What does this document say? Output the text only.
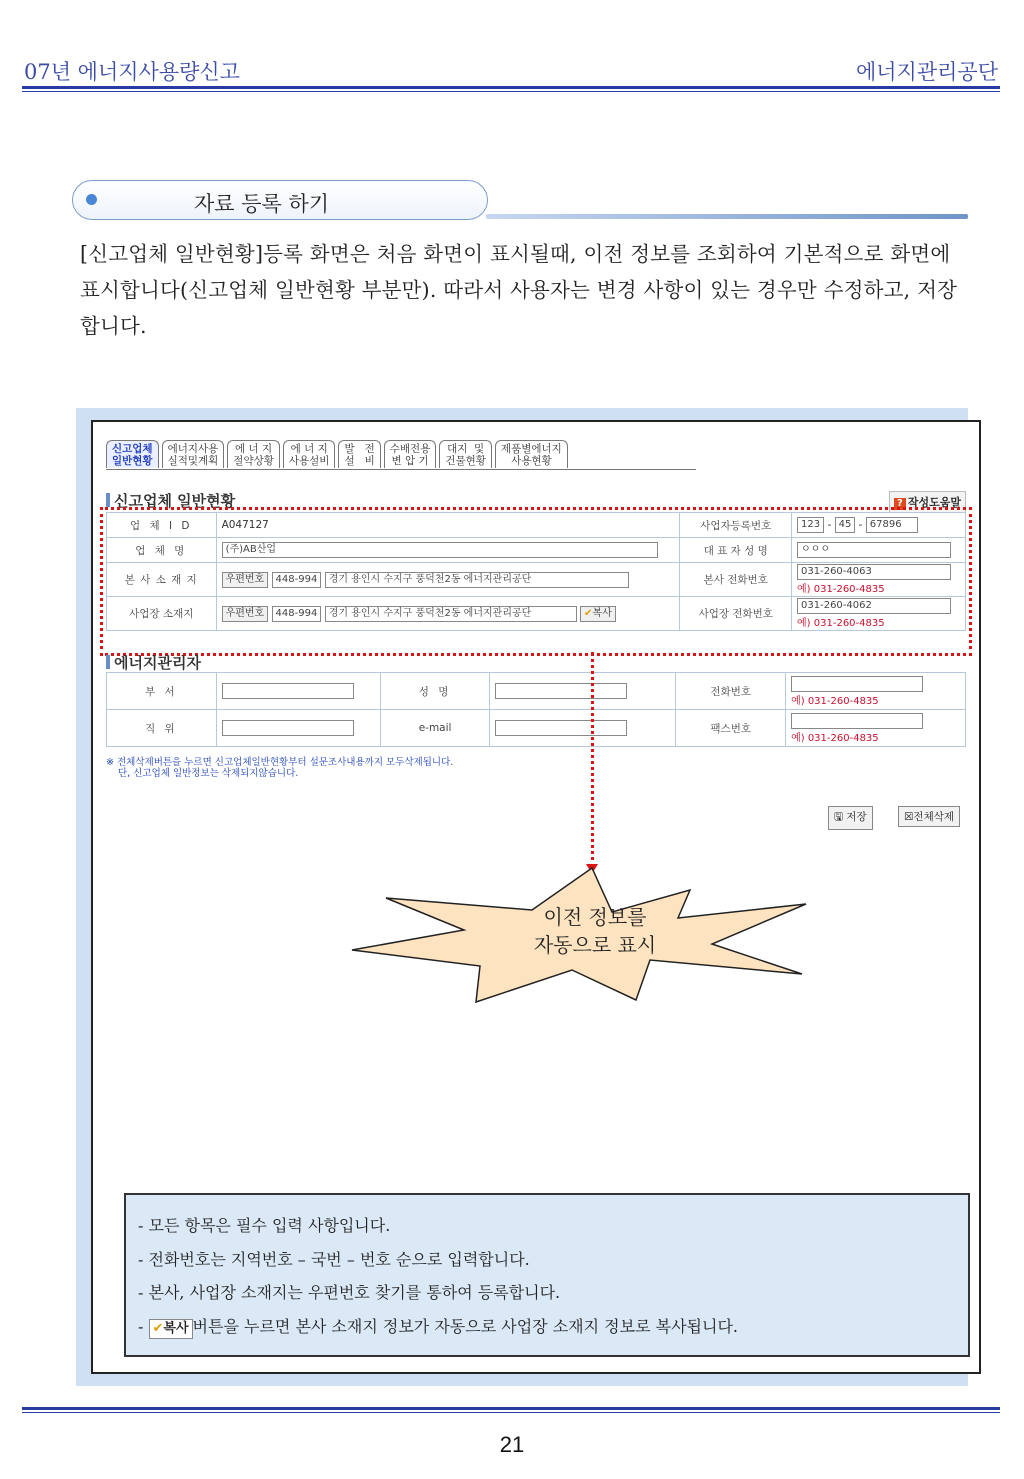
07년 에너지사용량신고	에너지관리공단
자료 등록 하기
[신고업체 일반현황]등록 화면은 처음 화면이 표시될때, 이전 정보를 조회하여 기본적으로 화면에 표시합니다(신고업체 일반현황 부분만). 따라서 사용자는 변경 사항이 있는 경우만 수정하고, 저장합니다.
신고업체
일반현황
에너지사용
실적및계획
에 너 지
절약상황
에 너 지
사용설비
발   전
설   비
수배전용
변 압 기
대지  및
건물현황
제품별에너지
사용현황
신고업체 일반현황	? 작성도움말
업 체 I D	A047127	사업자등록번호	123 - 45 - 67896
업 체 명	(주)AB산업	대 표 자 성 명	ㅇㅇㅇ
본 사 소 재 지	우편번호 448-994 경기 용인시 수지구 풍덕천2동 에너지관리공단	본사 전화번호	031-260-4063
예) 031-260-4835
사업장 소재지	우편번호 448-994 경기 용인시 수지구 풍덕천2동 에너지관리공단 ✔복사	사업장 전화번호	031-260-4062
예) 031-260-4835
에너지관리자
부 서		성 명		전화번호	예) 031-260-4835
직 위		e-mail		팩스번호	예) 031-260-4835
※ 전체삭제버튼을 누르면 신고업체일반현황부터 설문조사내용까지 모두삭제됩니다.
단, 신고업체 일반정보는 삭제되지않습니다.
🖫 저장	☒전체삭제
이전 정보를
자동으로 표시
- 모든 항목은 필수 입력 사항입니다.
- 전화번호는 지역번호 – 국번 – 번호 순으로 입력합니다.
- 본사, 사업장 소재지는 우편번호 찾기를 통하여 등록합니다.
- ✔복사 버튼을 누르면 본사 소재지 정보가 자동으로 사업장 소재지 정보로 복사됩니다.
21
